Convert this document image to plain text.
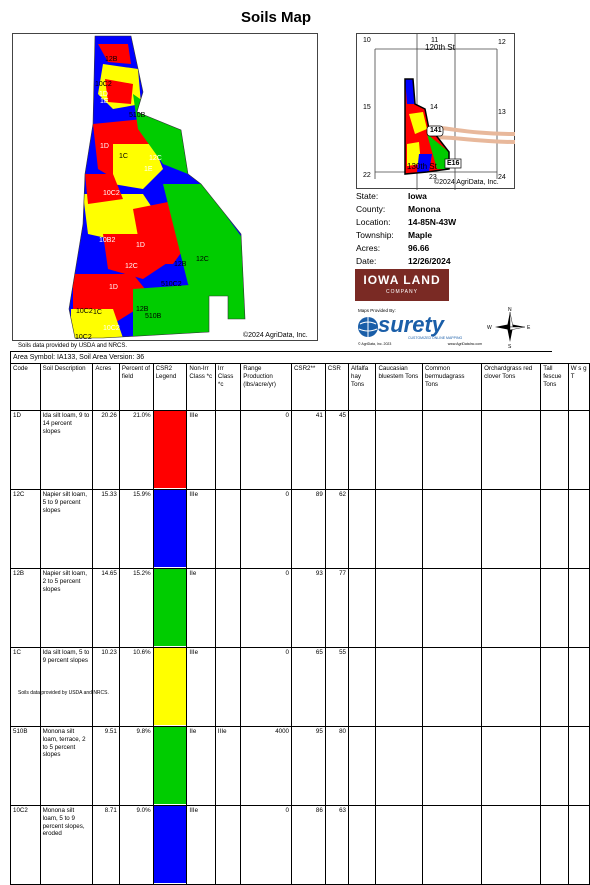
Soils Map
12B
10C2
1D
1E
510B
1D
1C	12C
1E
10C2
10B2
1D
12C	12B
12C
510C2
1D
10C2 1C	12B
10C2
510B
10C2	©2024 AgriData, Inc.
Soils data provided by USDA and NRCS.
10	11	12
15	14
13
22	23	24
120th St
130th St
141
E16
©2024 AgriData, Inc.
State:	Iowa
County:	Monona
Location:	14-85N-43W
Township:	Maple
Acres:	96.66
Date:	12/26/2024
IOWA LAND
COMPANY
Maps Provided By:
surety
CUSTOMIZED ONLINE MAPPING
© AgriData, Inc. 2023	www.AgriDataInc.com
N
S
E
W
Area Symbol: IA133, Soil Area Version: 36
Code	Soil Description	Acres	Percent of field	CSR2 Legend	Non-Irr Class *c	Irr Class *c	Range Production (lbs/acre/yr)	CSR2**	CSR	Alfalfa hay Tons	Caucasian bluestem Tons	Common bermudagrass Tons	Orchardgrass red clover Tons	Tall fescue Tons	W s g T
1D	Ida silt loam, 9 to 14 percent slopes	20.26	21.0%		IIIe		0	41	45						
12C	Napier silt loam, 5 to 9 percent slopes	15.33	15.9%		IIIe		0	89	62						
12B	Napier silt loam, 2 to 5 percent slopes	14.65	15.2%		IIe		0	93	77						
1C	Ida silt loam, 5 to 9 percent slopes	10.23	10.6%		IIIe		0	65	55						
510B	Monona silt loam, terrace, 2 to 5 percent slopes	9.51	9.8%		IIe	IIIe	4000	95	80						
10C2	Monona silt loam, 5 to 9 percent slopes, eroded	8.71	9.0%		IIIe		0	86	63						
Soils data provided by USDA and NRCS.
